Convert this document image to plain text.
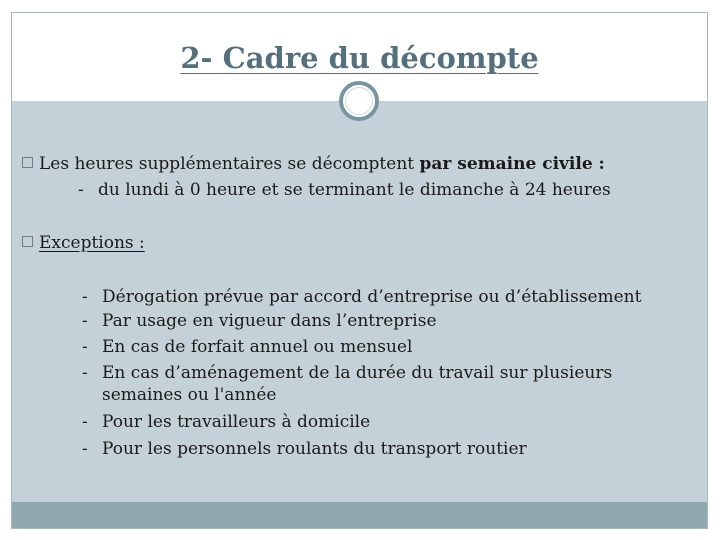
2- Cadre du décompte
Les heures supplémentaires se décomptent par semaine civile :
- du lundi à 0 heure et se terminant le dimanche à 24 heures
Exceptions :
- Dérogation prévue par accord d’entreprise ou d’établissement
- Par usage en vigueur dans l’entreprise
- En cas de forfait annuel ou mensuel
- En cas d’aménagement de la durée du travail sur plusieurs
semaines ou l'année
- Pour les travailleurs à domicile
- Pour les personnels roulants du transport routier
